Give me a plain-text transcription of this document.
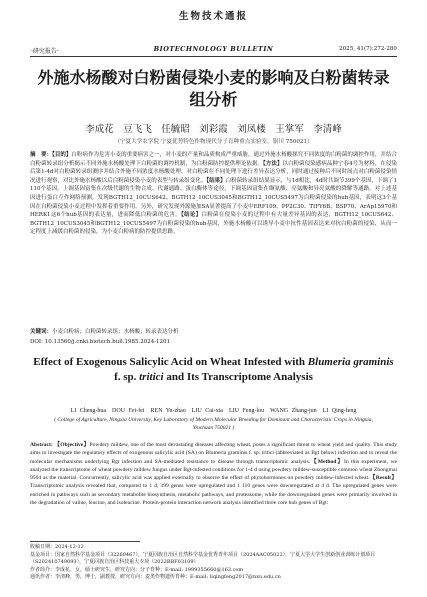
生物技术通报
·研究报告·	BIOTECHNOLOGY BULLETIN	2025, 41(7):272-280
外施水杨酸对白粉菌侵染小麦的影响及白粉菌转录组分析
李成花　豆飞飞　任毓昭　刘彩霞　刘凤楼　王掌军　李清峰
（宁夏大学农学院 宁夏优势特色作物现代分子育种重点实验室，银川 750021）
摘　要：【目的】白粉病作为危害小麦的重要病害之一，对小麦的产量和品质构成严重威胁，通过外施水杨酸探究不同浓度的白粉菌的调控作用，并结合白粉菌转录组分析揭示不同外施水杨酸处理下白粉菌的调控机制，为白粉菌防控提供理论依据。【方法】以白粉菌侵染感病品种宁春4号为材料，在侵染后第1-4d对白粉菌转录组测序并结合外施不同浓度水杨酸处理，对白粉菌在不同处理下进行差异表达分析，同时通过接种后不同时间点对白粉菌侵染情况进行观察，对比外施水杨酸以后白粉菌侵染小麦的表型与转录组变化。【结果】白粉菌转录组结果显示，与1d相比，4d时共调节399个基因，下调了1 110个基因。上调基因富集在次级代谢的生物合成、代谢通路、蛋白酶体等途径，下调基因富集在缬氨酸、亮氨酸和异亮氨酸的降解等通路。对上述基因进行蛋白互作网络预测，发现BGTH12_10CUS642、BGTH12_10CUS3045和BGTH12_10CUS5497为白粉菌侵染的hub基因，表明这3个基因在白粉菌侵染小麦过程中发挥着重要作用。另外，研究发现外源施加SA显著提高了小麦中ERF109、PP2C30、TIFY6B、BSP70、ArAp15970和HERK1这6个hub基因的表达量，进而降低白粉菌的危害。【结论】白粉菌在侵染小麦的过程中有大量差异基因的表达，BGTH12_10CUS642、BGTH12_10CUS3045和BGTH12_10CUS5497为白粉菌侵染的hub基因，外施水杨酸可以诱导小麦中抗性基因表达来对抗白粉菌的侵染、从而一定程度上减缓白粉菌的侵染，为小麦白粉病的防控提供思路。
关键词：小麦白粉病；白粉菌转录组；水杨酸；转录表达分析
DOI: 10.13560/j.cnki.biotech.bull.1985.2024-1201
Effect of Exogenous Salicylic Acid on Wheat Infested with Blumeria graminis f. sp. tritici and Its Transcriptome Analysis
LI Cheng-hua　DOU Fei-fei　REN Yu-zhao　LIU Cai-xia　LIU Feng-lou　WANG Zhang-jun　LI Qing-feng
( College of Agriculture, Ningxia University, Key Laboratory of Modern Molecular Breeding for Dominant and Characteristic Crops in Ningxia, Yinchuan 750021 )
Abstract: 【Objective】Powdery mildew, one of the most devastating diseases affecting wheat, poses a significant threat to wheat yield and quality. This study aims to investigate the regulatory effects of exogenous salicylic acid (SA) on Blumeria graminis f. sp. tritici (abbreviated as Bgt below) infection and to reveal the molecular mechanisms underlying Bgt infection and SA-mediated resistance to disease through transcriptomic analysis.【Method】In this experiment, we analyzed the transcriptome of wheat powdery mildew fungus under Bgt-infested conditions for 1-4 d using powdery mildew-susceptible common wheat Zhongmai 9504 as the material. Concurrently, salicylic acid was applied externally to observe the effect of phytohormones on powdery mildew-infected wheat.【Result】Transcriptomic analysis revealed that, compared to 1 d, 399 genes were upregulated and 1 110 genes were downregulated at 4 d. The upregulated genes were enriched in pathways such as secondary metabolite biosynthesis, metabolic pathways, and proteasome, while the downregulated genes were primarily involved in the degradation of valine, leucine, and isoleucine. Protein-protein interaction network analysis identified three core hub genes of Bgt:
收稿日期：2024-12-12
基金项目：国家自然科学基金项目（32260467），宁夏回族自治区自然科学基金优秀青年项目（2024AAC05022），宁夏大学大学生创新创业训练计划项目（S202410749093），宁夏回族自治区科技重大专项（2022BBF03109）
作者简介：李成花，女，硕士研究生，研究方向：分子育种；E-mail: 1999355660@163.com
通讯作者：李清峰，男，博士，副教授，研究方向：麦类作物遗传育种；E-mail: liqingfeng2017@nxu.edu.cn
